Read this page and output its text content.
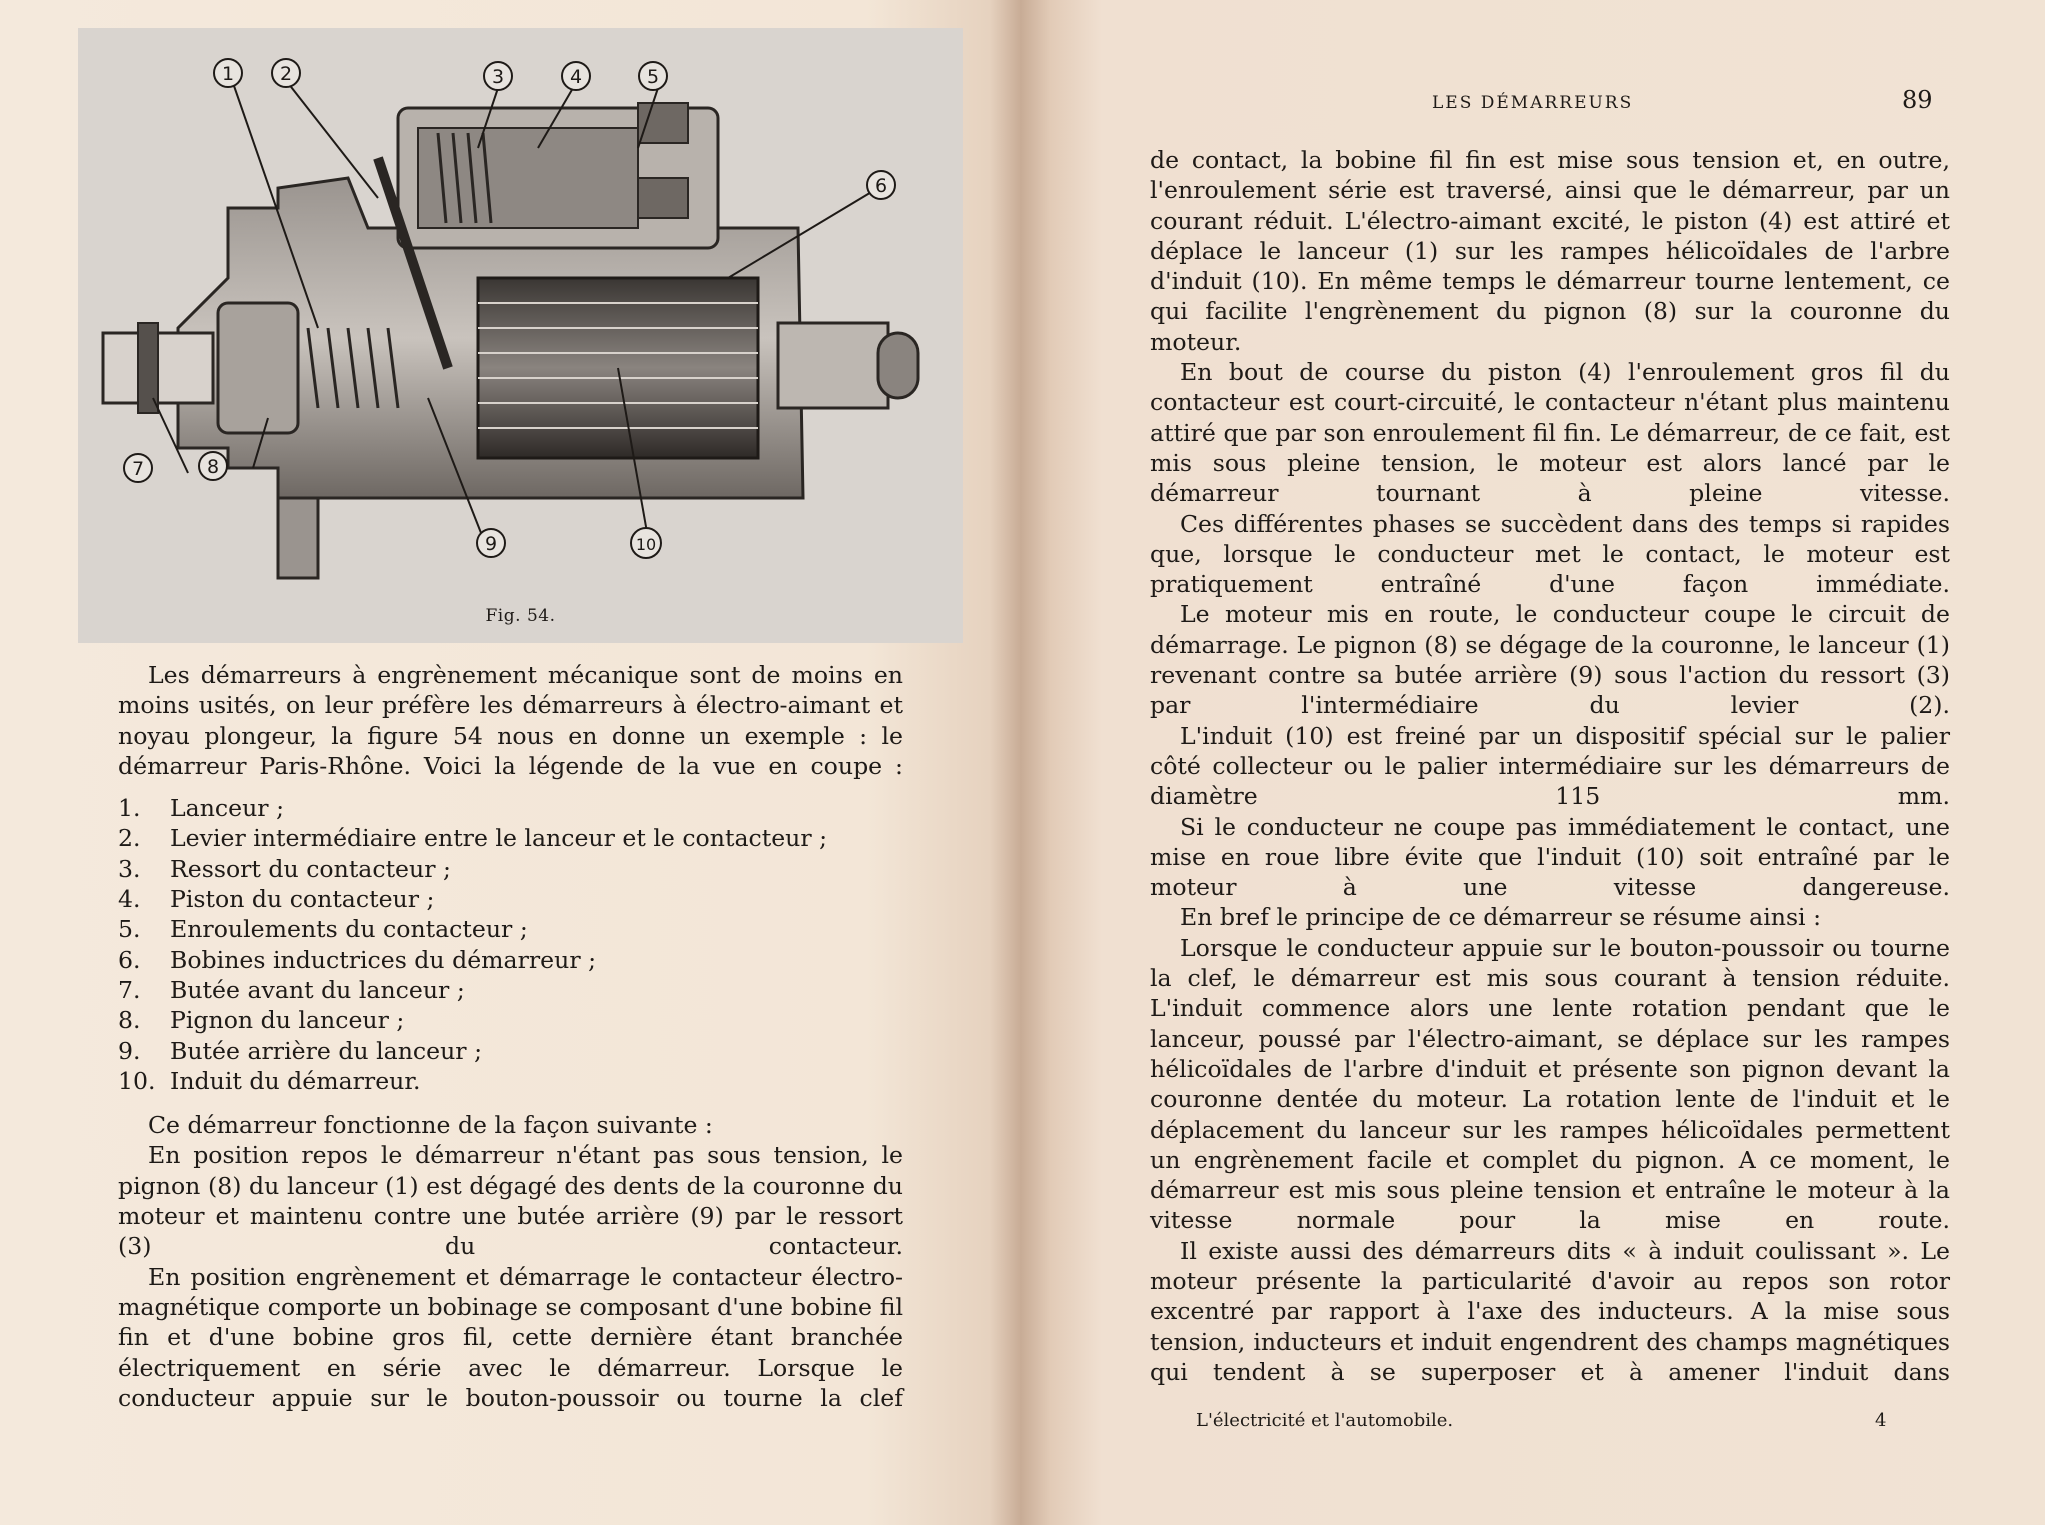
1 2	3	4	5
6
7	8
9	10
Fig. 54.

Les démarreurs à engrènement mécanique sont de moins en moins usités, on leur préfère les démarreurs à électro-aimant et noyau plongeur, la figure 54 nous en donne un exemple : le démarreur Paris-Rhône. Voici la légende de la vue en coupe :

1.	Lanceur ;
2.	Levier intermédiaire entre le lanceur et le contacteur ;
3.	Ressort du contacteur ;
4.	Piston du contacteur ;
5.	Enroulements du contacteur ;
6.	Bobines inductrices du démarreur ;
7.	Butée avant du lanceur ;
8.	Pignon du lanceur ;
9.	Butée arrière du lanceur ;
10. Induit du démarreur.

Ce démarreur fonctionne de la façon suivante :

En position repos le démarreur n'étant pas sous tension, le pignon (8) du lanceur (1) est dégagé des dents de la couronne du moteur et maintenu contre une butée arrière (9) par le ressort (3) du contacteur.

En position engrènement et démarrage le contacteur électro-magnétique comporte un bobinage se composant d'une bobine fil fin et d'une bobine gros fil, cette dernière étant branchée électriquement en série avec le démarreur. Lorsque le conducteur appuie sur le bouton-poussoir ou tourne la clef

LES DÉMARREURS	89

de contact, la bobine fil fin est mise sous tension et, en outre, l'enroulement série est traversé, ainsi que le démarreur, par un courant réduit. L'électro-aimant excité, le piston (4) est attiré et déplace le lanceur (1) sur les rampes hélicoïdales de l'arbre d'induit (10). En même temps le démarreur tourne lentement, ce qui facilite l'engrènement du pignon (8) sur la couronne du moteur.

En bout de course du piston (4) l'enroulement gros fil du contacteur est court-circuité, le contacteur n'étant plus maintenu attiré que par son enroulement fil fin. Le démarreur, de ce fait, est mis sous pleine tension, le moteur est alors lancé par le démarreur tournant à pleine vitesse.

Ces différentes phases se succèdent dans des temps si rapides que, lorsque le conducteur met le contact, le moteur est pratiquement entraîné d'une façon immédiate.

Le moteur mis en route, le conducteur coupe le circuit de démarrage. Le pignon (8) se dégage de la couronne, le lanceur (1) revenant contre sa butée arrière (9) sous l'action du ressort (3) par l'intermédiaire du levier (2).

L'induit (10) est freiné par un dispositif spécial sur le palier côté collecteur ou le palier intermédiaire sur les démarreurs de diamètre 115 mm.

Si le conducteur ne coupe pas immédiatement le contact, une mise en roue libre évite que l'induit (10) soit entraîné par le moteur à une vitesse dangereuse.

En bref le principe de ce démarreur se résume ainsi :

Lorsque le conducteur appuie sur le bouton-poussoir ou tourne la clef, le démarreur est mis sous courant à tension réduite. L'induit commence alors une lente rotation pendant que le lanceur, poussé par l'électro-aimant, se déplace sur les rampes hélicoïdales de l'arbre d'induit et présente son pignon devant la couronne dentée du moteur. La rotation lente de l'induit et le déplacement du lanceur sur les rampes hélicoïdales permettent un engrènement facile et complet du pignon. A ce moment, le démarreur est mis sous pleine tension et entraîne le moteur à la vitesse normale pour la mise en route.

Il existe aussi des démarreurs dits « à induit coulissant ». Le moteur présente la particularité d'avoir au repos son rotor excentré par rapport à l'axe des inducteurs. A la mise sous tension, inducteurs et induit engendrent des champs magnétiques qui tendent à se superposer et à amener l'induit dans

L'électricité et l'automobile.	4
